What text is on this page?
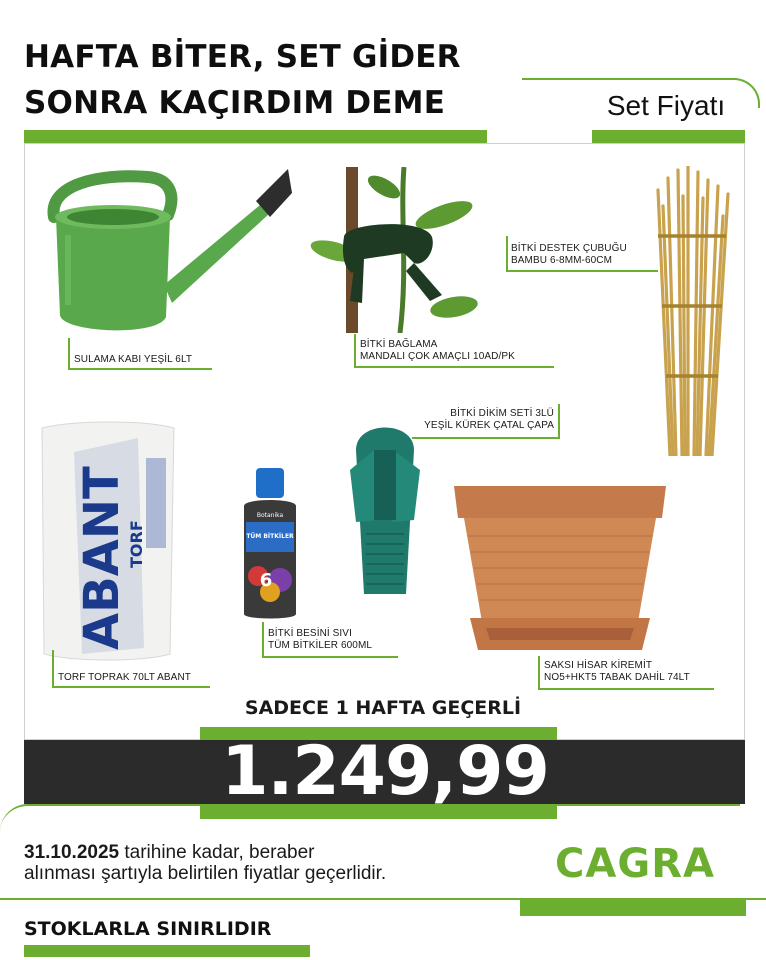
HAFTA BİTER, SET GİDER
SONRA KAÇIRDIM DEME	Set Fiyatı
SULAMA KABI YEŞİL 6LT
BİTKİ BAĞLAMA
MANDALI ÇOK AMAÇLI 10AD/PK
BİTKİ DESTEK ÇUBUĞU
BAMBU 6-8MM-60CM
BİTKİ DİKİM SETİ 3LÜ
YEŞİL KÜREK ÇATAL ÇAPA
ABANT
TORF
TORF TOPRAK 70LT ABANT
Botanika
TÜM BİTKİLER
6
BİTKİ BESİNİ SIVI
TÜM BİTKİLER 600ML
SAKSI HİSAR KİREMİT
NO5+HKT5 TABAK DAHİL 74LT
SADECE 1 HAFTA GEÇERLİ
1.249,99 ₺
31.10.2025 tarihine kadar, beraber
alınması şartıyla belirtilen fiyatlar geçerlidir.	CAGRA
STOKLARLA SINIRLIDIR
